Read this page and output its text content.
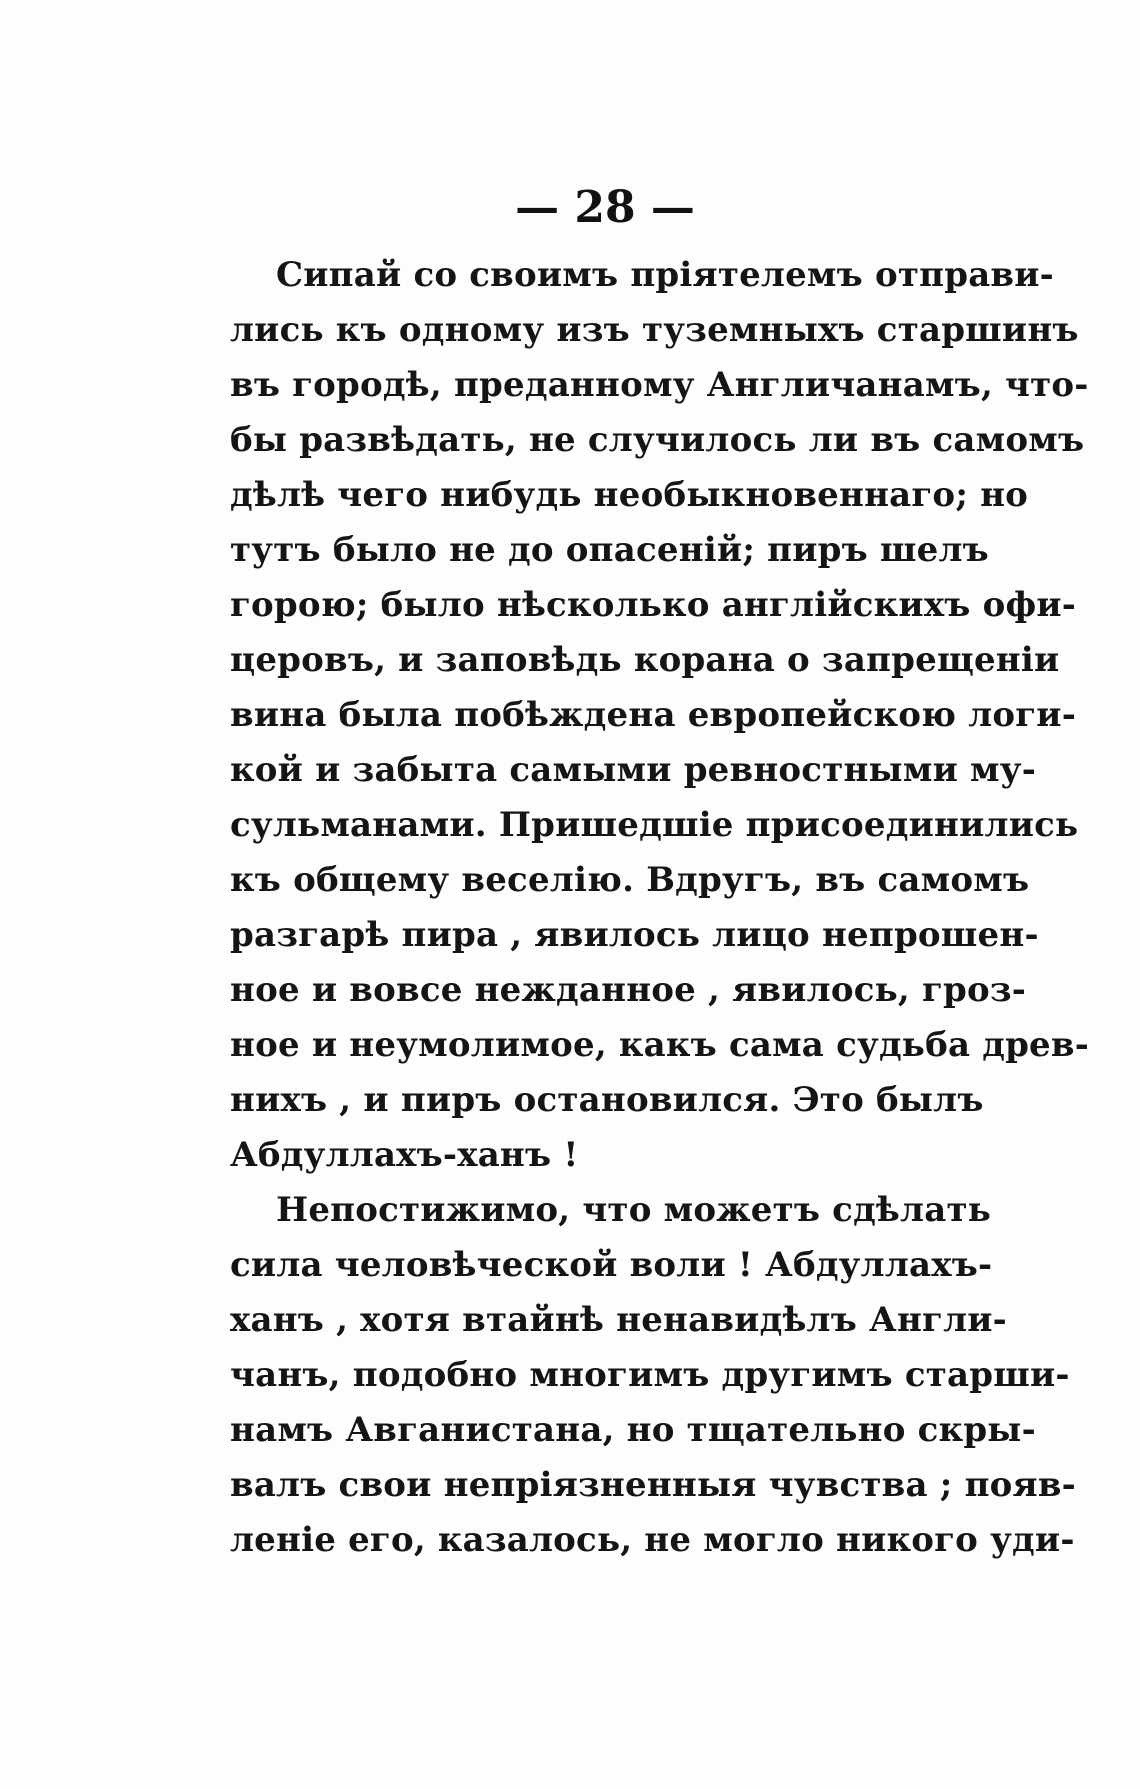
— 28 —
Сипай со своимъ пріятелемъ отправи-
лись къ одному изъ туземныхъ старшинъ
въ городѣ, преданному Англичанамъ, что-
бы развѣдать, не случилось ли въ самомъ
дѣлѣ чего нибудь необыкновеннаго; но
тутъ было не до опасеній; пиръ шелъ
горою; было нѣсколько англійскихъ офи-
церовъ, и заповѣдь корана о запрещеніи
вина была побѣждена европейскою логи-
кой и забыта самыми ревностными му-
сульманами. Пришедшіе присоединились
къ общему веселію. Вдругъ, въ самомъ
разгарѣ пира , явилось лицо непрошен-
ное и вовсе нежданное , явилось, гроз-
ное и неумолимое, какъ сама судьба древ-
нихъ , и пиръ остановился. Это былъ
Абдуллахъ-ханъ !
Непостижимо, что можетъ сдѣлать
сила человѣческой воли ! Абдуллахъ-
ханъ , хотя втайнѣ ненавидѣлъ Англи-
чанъ, подобно многимъ другимъ старши-
намъ Авганистана, но тщательно скры-
валъ свои непріязненныя чувства ; появ-
леніе его, казалось, не могло никого уди-
